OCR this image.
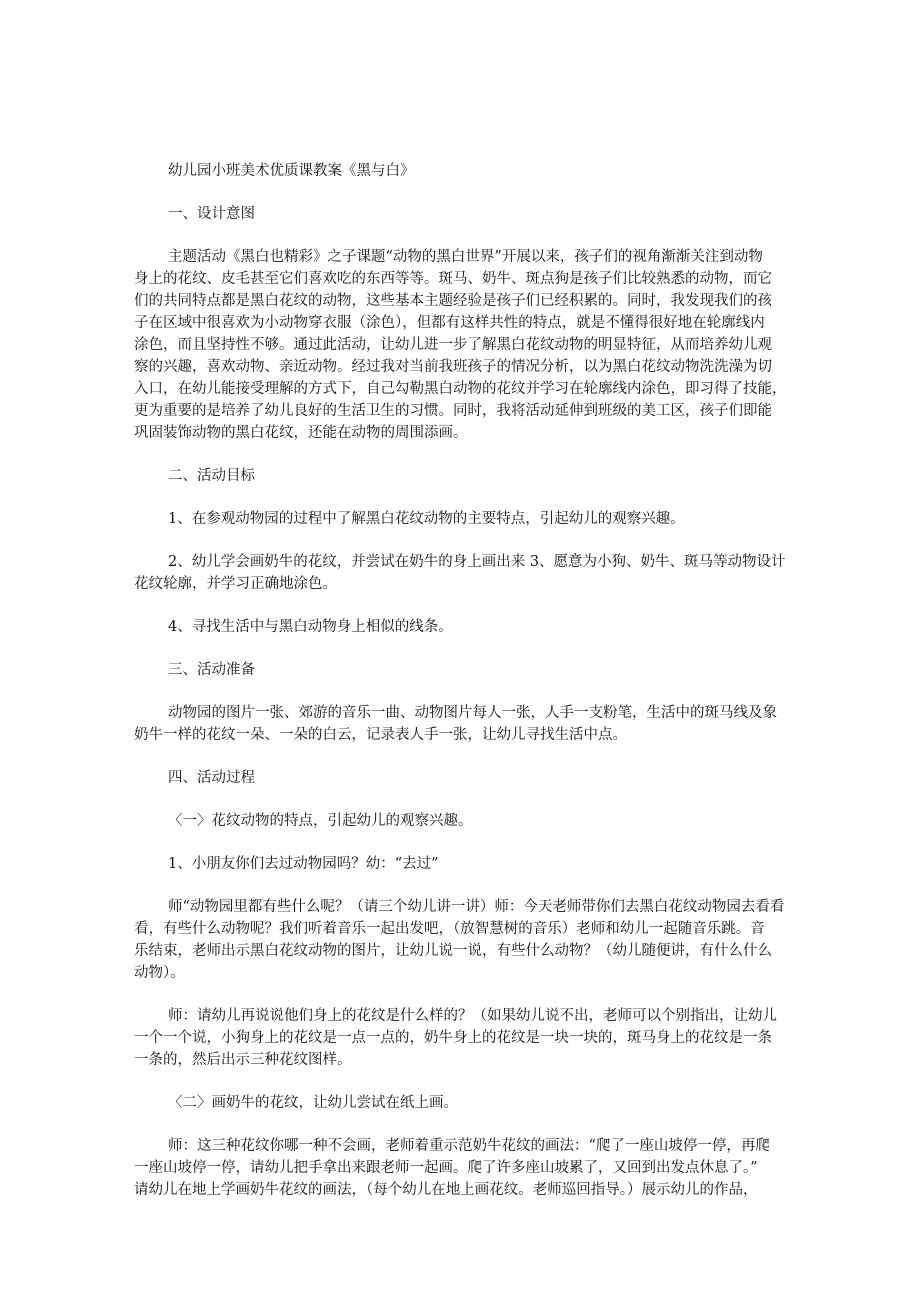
幼儿园小班美术优质课教案《黑与白》
一、设计意图
主题活动《黑白也精彩》之子课题“动物的黑白世界”开展以来，孩子们的视角渐渐关注到动物
身上的花纹、皮毛甚至它们喜欢吃的东西等等。斑马、奶牛、斑点狗是孩子们比较熟悉的动物，而它
们的共同特点都是黑白花纹的动物，这些基本主题经验是孩子们已经积累的。同时，我发现我们的孩
子在区域中很喜欢为小动物穿衣服（涂色），但都有这样共性的特点，就是不懂得很好地在轮廓线内
涂色，而且坚持性不够。通过此活动，让幼儿进一步了解黑白花纹动物的明显特征，从而培养幼儿观
察的兴趣，喜欢动物、亲近动物。经过我对当前我班孩子的情况分析，以为黑白花纹动物洗洗澡为切
入口，在幼儿能接受理解的方式下，自己勾勒黑白动物的花纹并学习在轮廓线内涂色，即习得了技能，
更为重要的是培养了幼儿良好的生活卫生的习惯。同时，我将活动延伸到班级的美工区，孩子们即能
巩固装饰动物的黑白花纹，还能在动物的周围添画。
二、活动目标
1、在参观动物园的过程中了解黑白花纹动物的主要特点，引起幼儿的观察兴趣。
2、幼儿学会画奶牛的花纹，并尝试在奶牛的身上画出来 3、愿意为小狗、奶牛、斑马等动物设计
花纹轮廓，并学习正确地涂色。
4、寻找生活中与黑白动物身上相似的线条。
三、活动准备
动物园的图片一张、郊游的音乐一曲、动物图片每人一张，人手一支粉笔，生活中的斑马线及象
奶牛一样的花纹一朵、一朵的白云，记录表人手一张，让幼儿寻找生活中点。
四、活动过程
〈一〉花纹动物的特点，引起幼儿的观察兴趣。
1、小朋友你们去过动物园吗？幼：“去过”
师“动物园里都有些什么呢？（请三个幼儿讲一讲）师：今天老师带你们去黑白花纹动物园去看看
看，有些什么动物呢？我们听着音乐一起出发吧，（放智慧树的音乐）老师和幼儿一起随音乐跳。音
乐结束，老师出示黑白花纹动物的图片，让幼儿说一说，有些什么动物？（幼儿随便讲，有什么什么
动物）。
师：请幼儿再说说他们身上的花纹是什么样的？（如果幼儿说不出，老师可以个别指出，让幼儿
一个一个说，小狗身上的花纹是一点一点的，奶牛身上的花纹是一块一块的，斑马身上的花纹是一条
一条的，然后出示三种花纹图样。
〈二〉画奶牛的花纹，让幼儿尝试在纸上画。
师：这三种花纹你哪一种不会画，老师着重示范奶牛花纹的画法：“爬了一座山坡停一停，再爬
一座山坡停一停，请幼儿把手拿出来跟老师一起画。爬了许多座山坡累了，又回到出发点休息了。”
请幼儿在地上学画奶牛花纹的画法，（每个幼儿在地上画花纹。老师巡回指导。）展示幼儿的作品，
